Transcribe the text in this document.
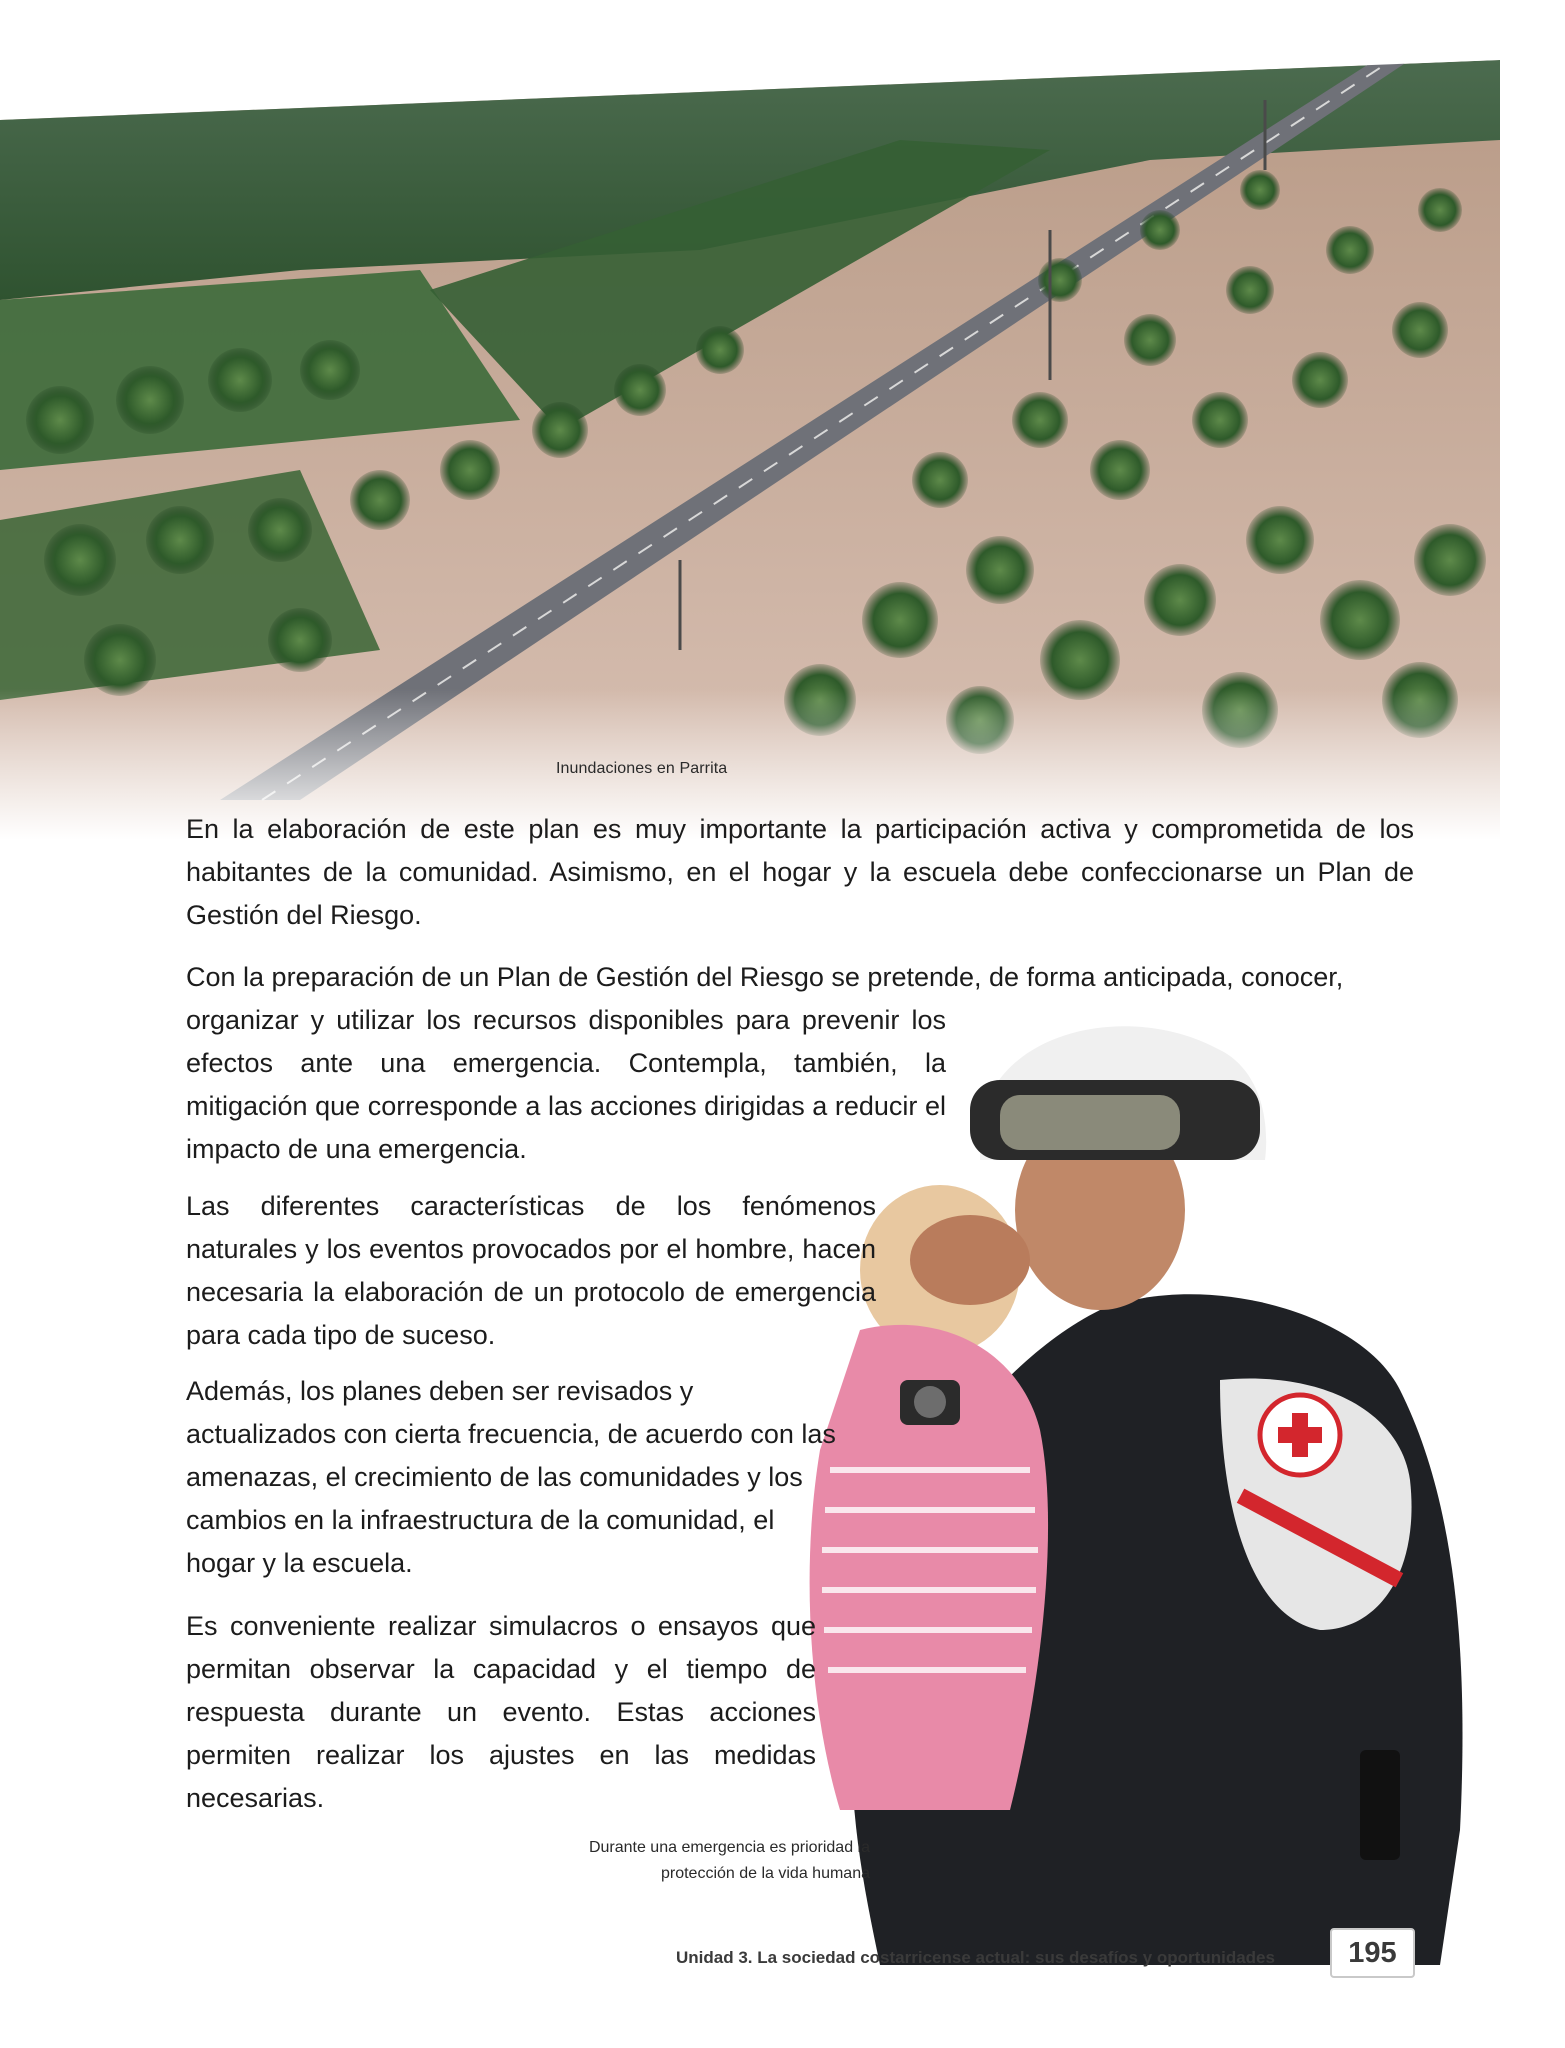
Inundaciones en Parrita
Durante una emergencia es prioridad la
protección de la vida humana

En la elaboración de este plan es muy importante la participación activa y comprometida de los habitantes de la comunidad. Asimismo, en el hogar y la escuela debe confeccionarse un Plan de Gestión del Riesgo.

Con la preparación de un Plan de Gestión del Riesgo se pretende, de forma anticipada, conocer,

organizar y utilizar los recursos disponibles para prevenir los efectos ante una emergencia. Contempla, también, la mitigación que corresponde a las acciones dirigidas a reducir el impacto de una emergencia.

Las diferentes características de los fenómenos naturales y los eventos provocados por el hombre, hacen necesaria la elaboración de un protocolo de emergencia para cada tipo de suceso.

Además, los planes deben ser revisados y actualizados con cierta frecuencia, de acuerdo con las amenazas, el crecimiento de las comunidades y los cambios en la infraestructura de la comunidad, el hogar y la escuela.

Es conveniente realizar simulacros o ensayos que permitan observar la capacidad y el tiempo de respuesta durante un evento. Estas acciones permiten realizar los ajustes en las medidas necesarias.

Unidad 3. La sociedad costarricense actual: sus desafíos y oportunidades	195
